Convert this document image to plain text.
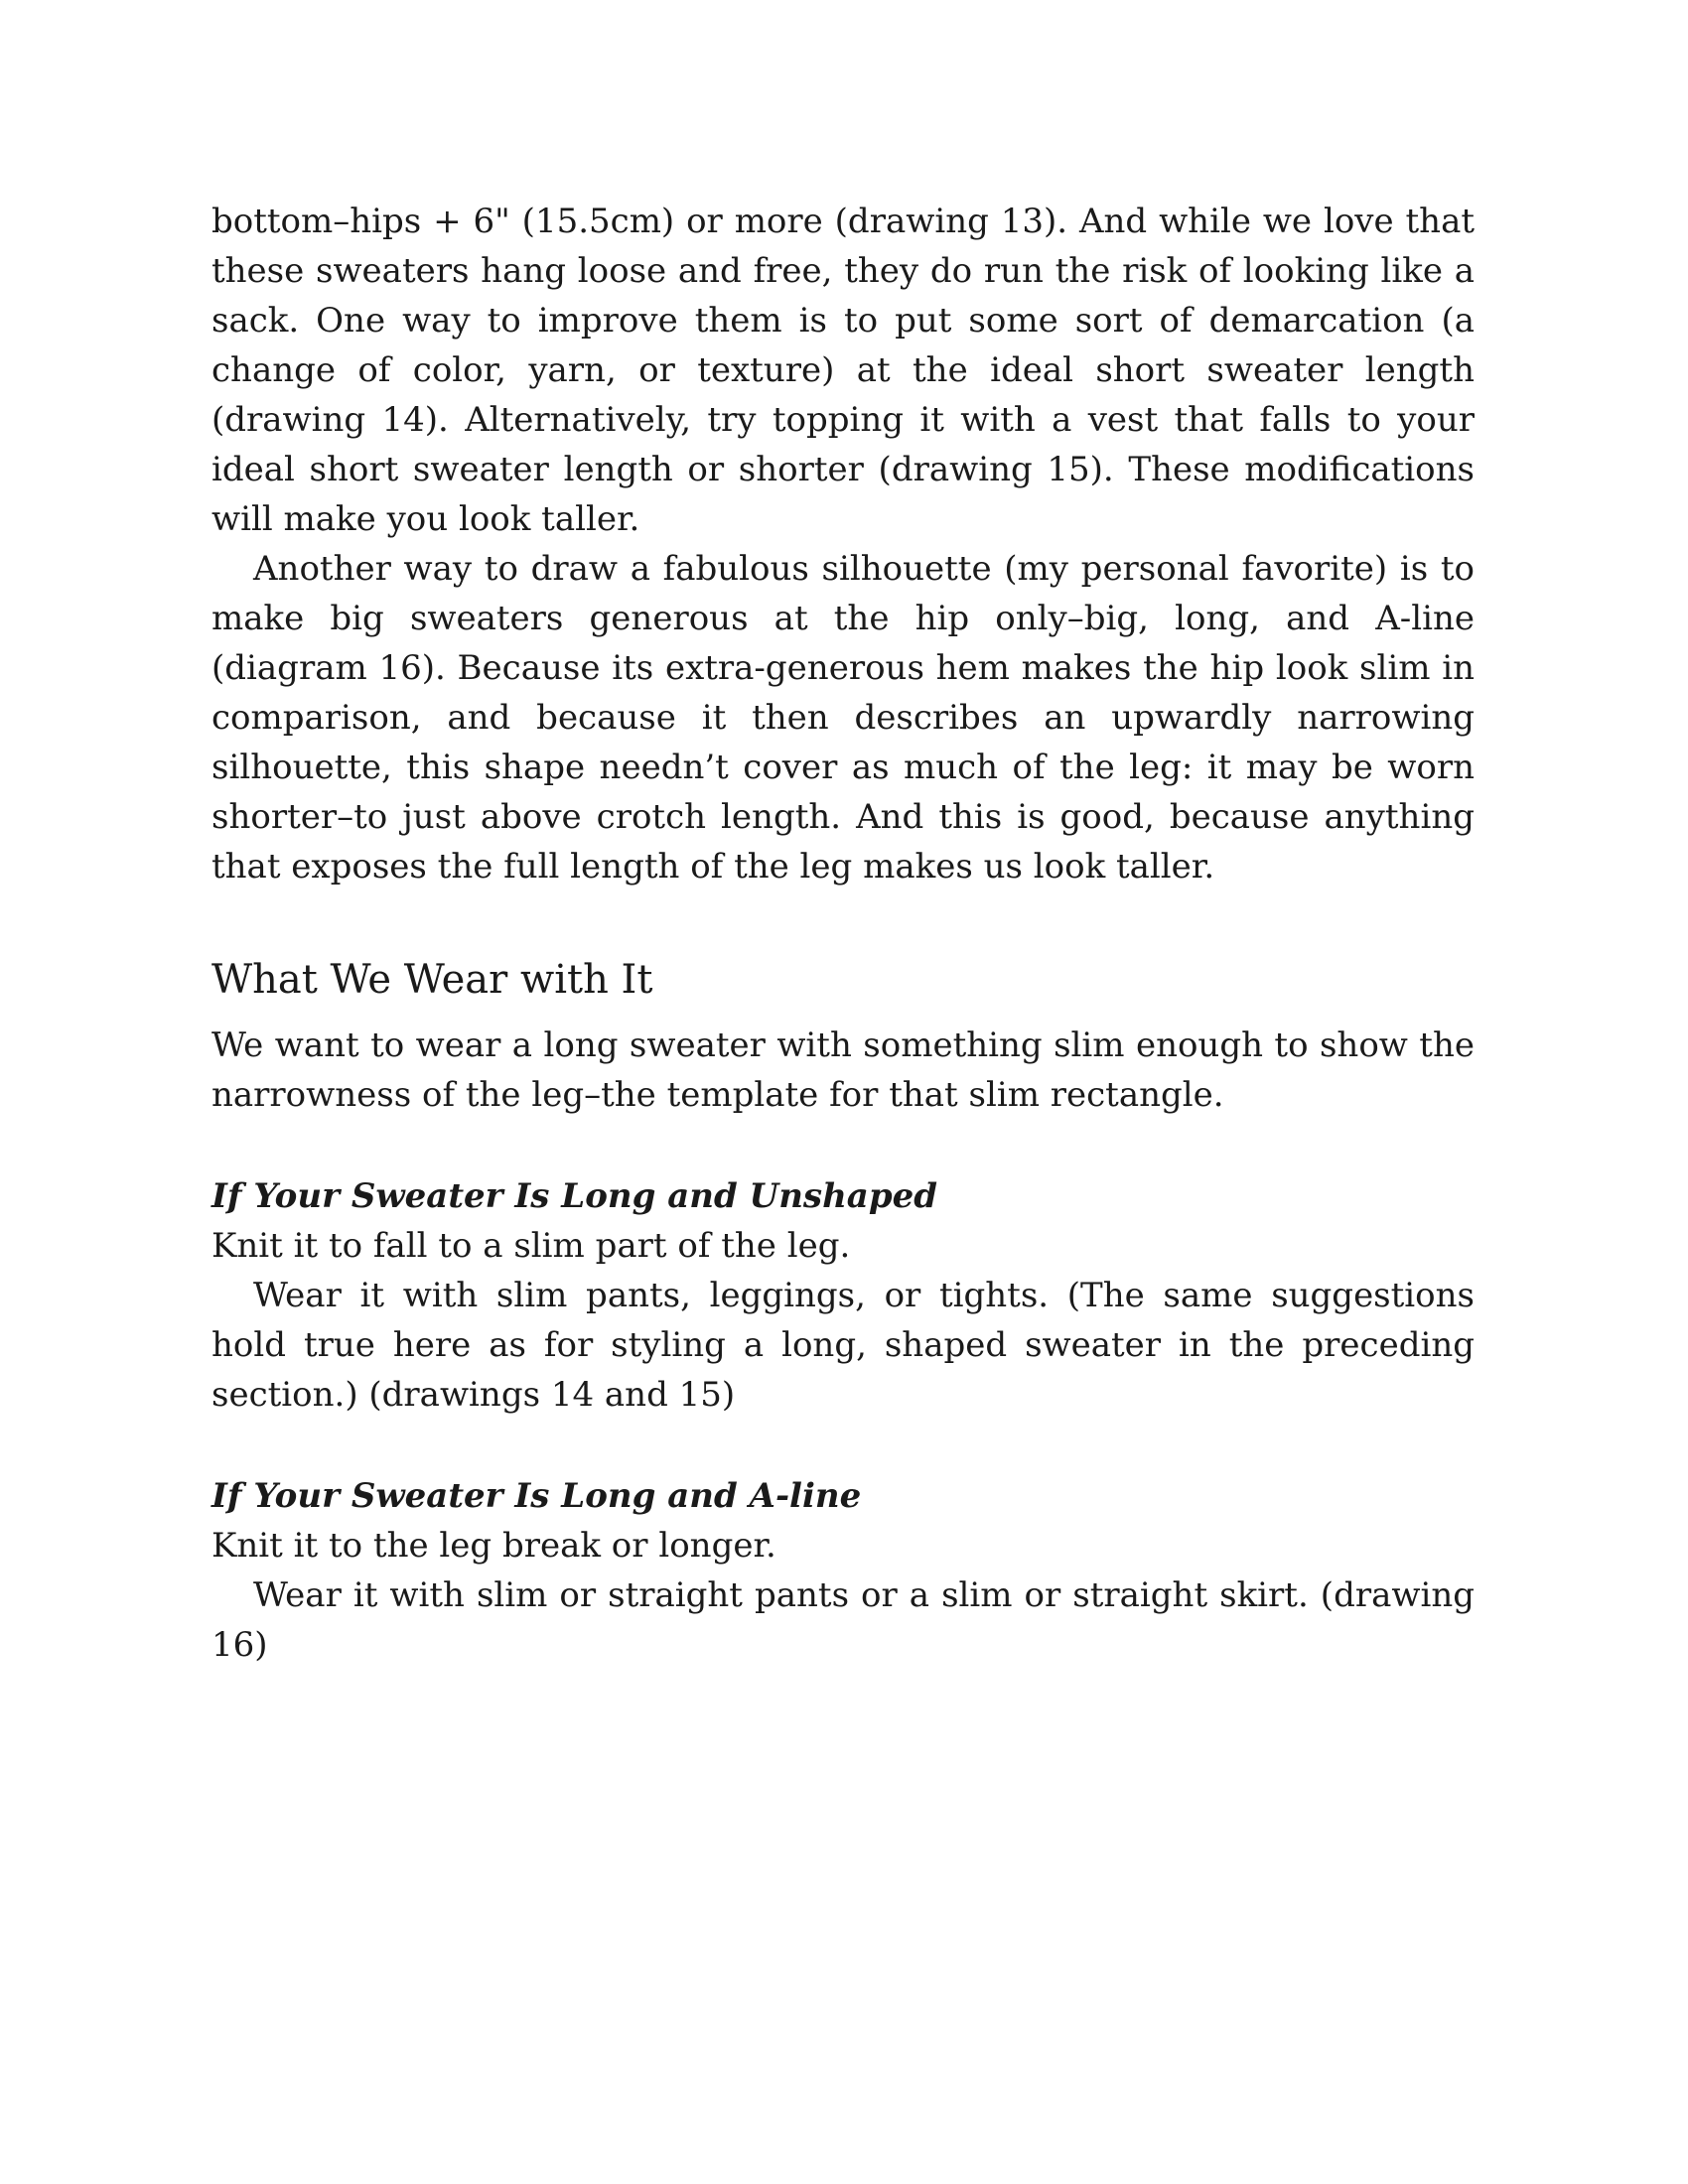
bottom–hips + 6" (15.5cm) or more (drawing 13). And while we love that these sweaters hang loose and free, they do run the risk of looking like a sack. One way to improve them is to put some sort of demarcation (a change of color, yarn, or texture) at the ideal short sweater length (drawing 14). Alternatively, try topping it with a vest that falls to your ideal short sweater length or shorter (drawing 15). These modifications will make you look taller.

Another way to draw a fabulous silhouette (my personal favorite) is to make big sweaters generous at the hip only–big, long, and A-line (diagram 16). Because its extra-generous hem makes the hip look slim in comparison, and because it then describes an upwardly narrowing silhouette, this shape needn’t cover as much of the leg: it may be worn shorter–to just above crotch length. And this is good, because anything that exposes the full length of the leg makes us look taller.

What We Wear with It

We want to wear a long sweater with something slim enough to show the narrowness of the leg–the template for that slim rectangle.

If Your Sweater Is Long and Unshaped

Knit it to fall to a slim part of the leg.

Wear it with slim pants, leggings, or tights. (The same suggestions hold true here as for styling a long, shaped sweater in the preceding section.) (drawings 14 and 15)

If Your Sweater Is Long and A-line

Knit it to the leg break or longer.

Wear it with slim or straight pants or a slim or straight skirt. (drawing 16)
